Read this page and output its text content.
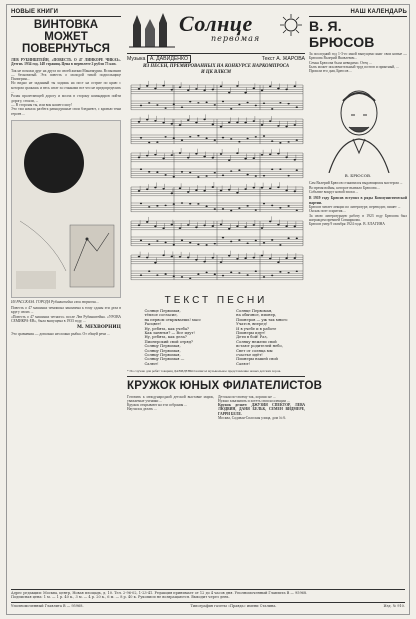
НОВЫЕ КНИГИ
ВИНТОВКА МОЖЕТ ПОВЕРНУТЬСЯ
ЛЕВ РУБИНШТЕЙН, «ПОВЕСТЬ О 47 ЛИНКОРЕ ЧИКАЗ». Детгиз. 1934 год. 148 страниц. Цена в переплете 2 рубля 75 коп.
Так не похожи друг на друга по своей жизни Маначкурия. Вспыльчив — бесноватый. Эта повесть о молодой тихой подпольщице Пилигрин...
Но видно не заданный ты ходишь на пост на острие по краю с котором сражаясь и весь штат за станками все что не предопределять ...
Ролан пролетающей дорогу и молча в сторону командиров пойти дорогу, стояли, ...
— В стороны ты, или вон нашего шоу!
Это там начала разбега равнодушные свои бледнеют, с кровью тени героев ...
ИЗ РАССКАЗА. ГОРОДА Рубинштейна свои тормозы...
Повесть о 47 машинах чемпиона закончена к тому сданы эти дела в кругу своих ...
«Повесть о 47 машинах четного» после Лев Рубинштейна. «УРОВА СЕМИКРА-ЕВ», была выпущена в 1933 году, ...
М. МЕХВОРНИЦ
Это сравнения — довольно несложно рыбка. От общей речи ...
Солнце
первомая
Музыка А. ДАВИДЕНКО	Текст А. ЖАРОВА
ИЗ ПЕСЕН, ПРЕМИРОВАННЫХ НА КОНКУРСЕ НАРКОМПРОСА
И ЦК ВЛКСМ
ТЕКСТ ПЕСНИ
Солнце Первомая,
тёплое согласие,
на первом открываешь! масс
Расцвет!
Ну, ребята, как учеба?
Как занятья? — Все идут!
Ну, ребята, как дела?
Пионерский свой отряд?
Солнцу Первомая,
Солнцу Первомая,
Солнцу Первомая,
Солнцу Первомая —
Салют!
Солнце Первомая,
на обычное, пионер,
Пионеров — уж так много
Учатся, вперед!
И в учебе и в работе
Пионеры идут!
Дети в бой! Раз,
Солнцу нежели свой
встают родителей небо,
Свет от солнца мы
счастье идёт!
Пионеры нашей свой
Салют!
* По случаю для ребят товарищ ДАВИДЕНКО написал музыкальное представление новых детских хоров.
КРУЖОК ЮНЫХ ФИЛАТЕЛИСТОВ
Готовить к международной детской выставке марок, уважаемые ученики ...
Кружок открывают на эти собрания ...
Научился делать ...
Детская по-своему так, хорошо не ...
Нужно заказывать и хотеть свои коллекции ...
Кружок делает: ДЖУЗИЯ СПЕКТОР, ЛЕВА ЛЮДВИН, ДАНЯ БЕЛЬК, СЕМЕН ВИДМЕРЕ, ГАРРИ БЕЛЕ.
Москва, Садовая-Спасская улица, дом № 6.
НАШ КАЛЕНДАРЬ
В. Я. БРЮСОВ
За последний год 1-3-го мной выпущено книг свои новые — Брюсова Валерий Яковлевич...
Семья Брюсова была невидимо. Отец ...
Быть может исключительный труд поэтов и приятный, ...
Прошли его дни, Брюсов ...
В. БРЮСОВ.
Сам Валерий Брюсов становился выдающимся мастером ...
Во время войны, которое вызвало Брюсова ...
Событие вокруг новой эпохи ...
В 1919 году Брюсов вступил в ряды Коммунистической партии.
Брюсов читает лекции по литературе, переводит, пишет ...
Он как поэт и критик ...
За свою литературную работу в 1923 году Брюсова был награжден премией Совнаркома.
Брюсов умер 9 октября 1924 года. В. ЕЛАГИНА
Адрес редакции: Москва, центр, Новая площадь, д. 10. Тел. 2-96-02, 1-23-41. Редакция принимает от 12 до 4 часов дня. Уполномоченный Главлита В — 95968.
Подписная цена: 1 м. — 1 р. 40 к., 3 м. — 4 р. 20 к., 6 м. — 8 р. 40 к. Рукописи не возвращаются. Выходит через день.
Уполномоченный Главлита В — 95968.	Типография газеты «Правда» имени Сталина.	Изд. № 910.
